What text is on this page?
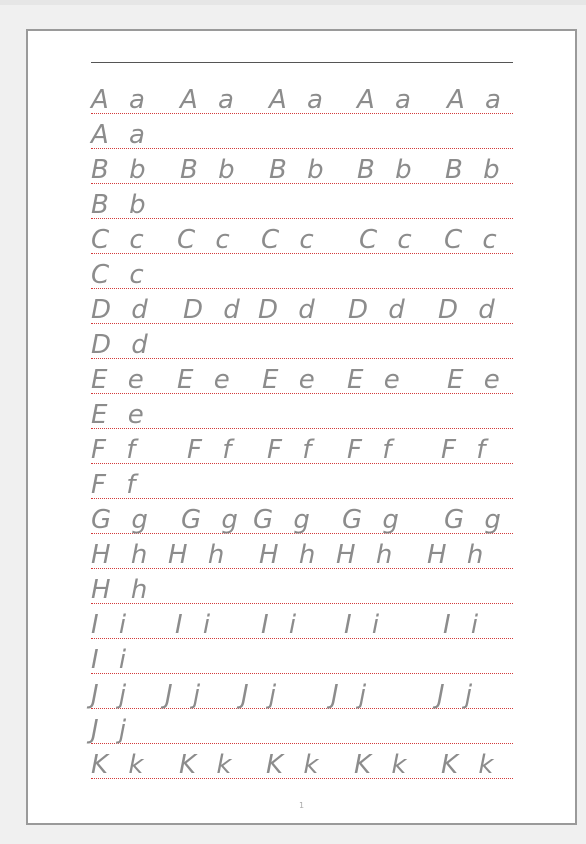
A a A a A a A a A a
A a
B b B b B b B b B b
B b
C c C c C c C c C c
C c
D d D d D d D d D d
D d
E e E e E e E e E e
E e
F f F f F f F f F f
F f
G g G g G g G g G g
H h H h H h H h H h
H h
I i I i I i I i I i
I i
J j J j J j J j J j
J j
K k K k K k K k K k
1
